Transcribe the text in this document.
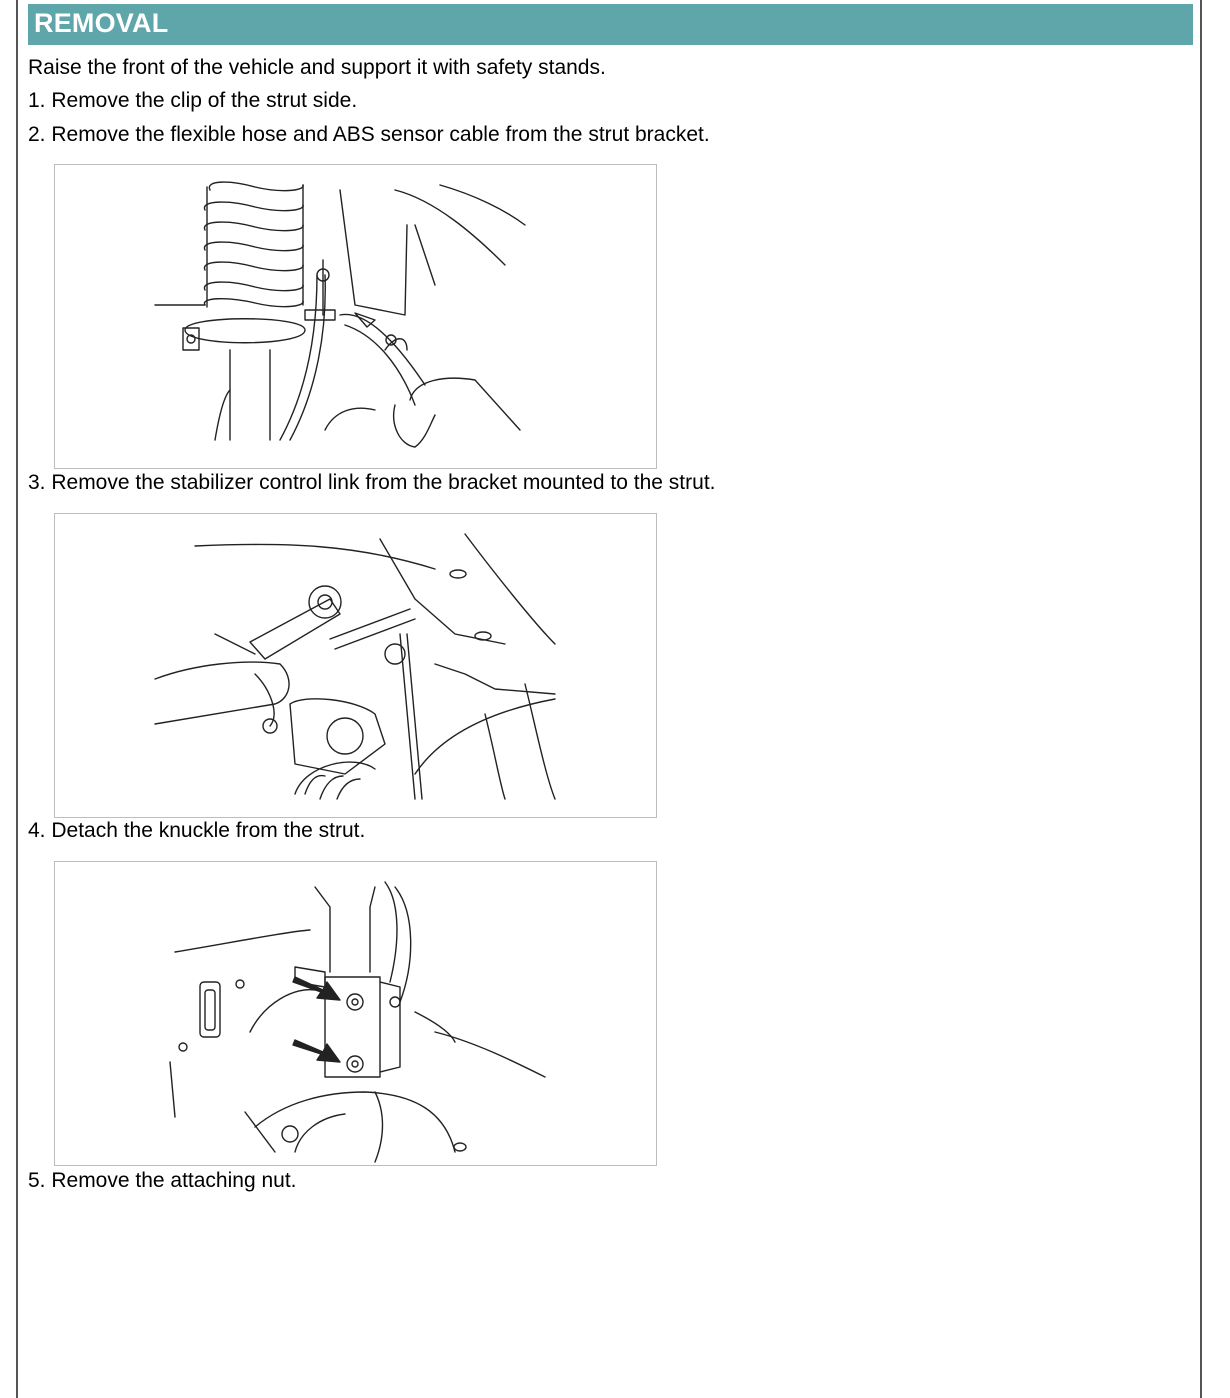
REMOVAL
Raise the front of the vehicle and support it with safety stands.
1. Remove the clip of the strut side.
2. Remove the flexible hose and ABS sensor cable from the strut bracket.
3. Remove the stabilizer control link from the bracket mounted to the strut.
4. Detach the knuckle from the strut.
5. Remove the attaching nut.
